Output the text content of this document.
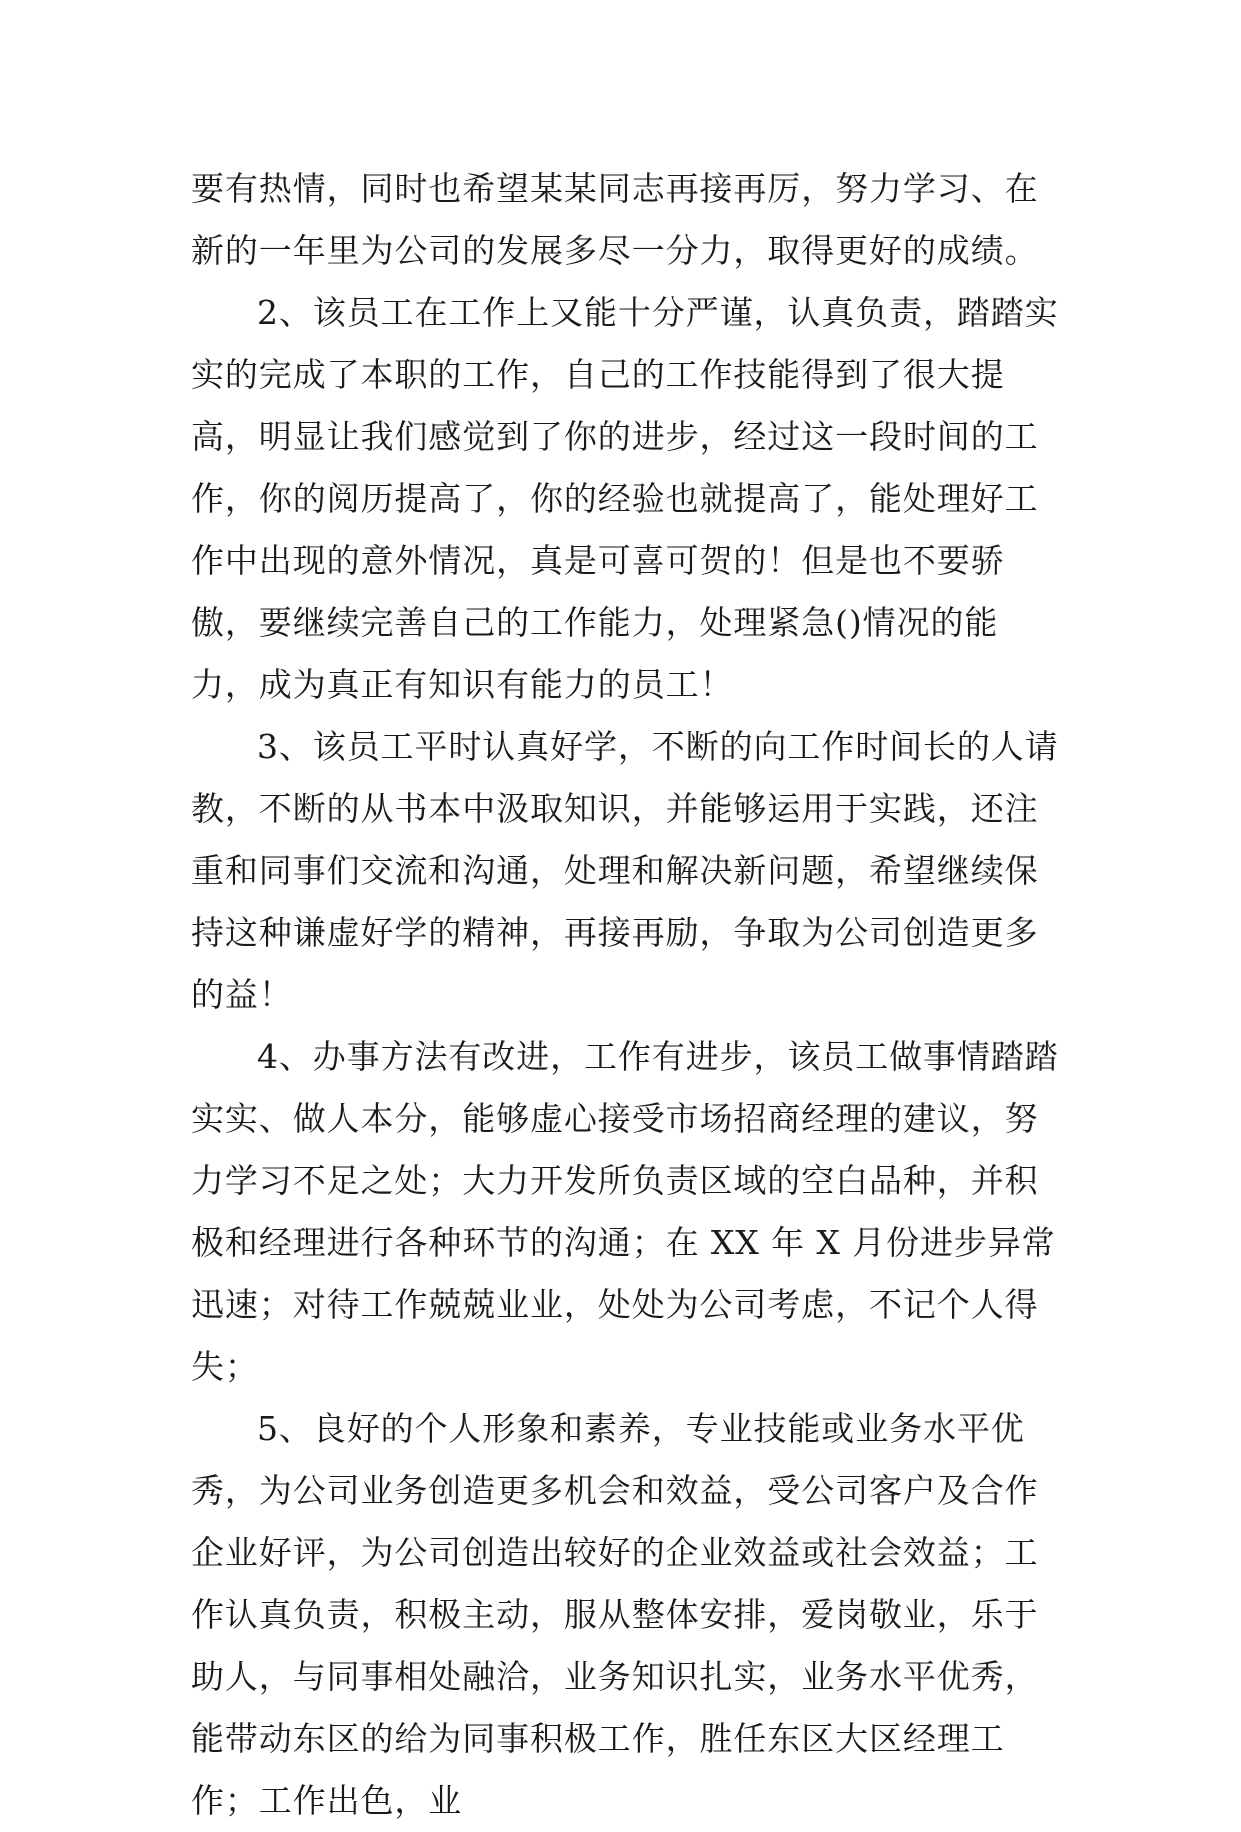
要有热情，同时也希望某某同志再接再厉，努力学习、在新的一年里为公司的发展多尽一分力，取得更好的成绩。

2、该员工在工作上又能十分严谨，认真负责，踏踏实实的完成了本职的工作，自己的工作技能得到了很大提高，明显让我们感觉到了你的进步，经过这一段时间的工作，你的阅历提高了，你的经验也就提高了，能处理好工作中出现的意外情况，真是可喜可贺的！但是也不要骄傲，要继续完善自己的工作能力，处理紧急()情况的能力，成为真正有知识有能力的员工！

3、该员工平时认真好学，不断的向工作时间长的人请教，不断的从书本中汲取知识，并能够运用于实践，还注重和同事们交流和沟通，处理和解决新问题，希望继续保持这种谦虚好学的精神，再接再励，争取为公司创造更多的益！

4、办事方法有改进，工作有进步，该员工做事情踏踏实实、做人本分，能够虚心接受市场招商经理的建议，努力学习不足之处；大力开发所负责区域的空白品种，并积极和经理进行各种环节的沟通；在 XX 年 X 月份进步异常迅速；对待工作兢兢业业，处处为公司考虑，不记个人得失；

5、良好的个人形象和素养，专业技能或业务水平优秀，为公司业务创造更多机会和效益，受公司客户及合作企业好评，为公司创造出较好的企业效益或社会效益；工作认真负责，积极主动，服从整体安排，爱岗敬业，乐于助人，与同事相处融洽，业务知识扎实，业务水平优秀，能带动东区的给为同事积极工作，胜任东区大区经理工作；工作出色，业
